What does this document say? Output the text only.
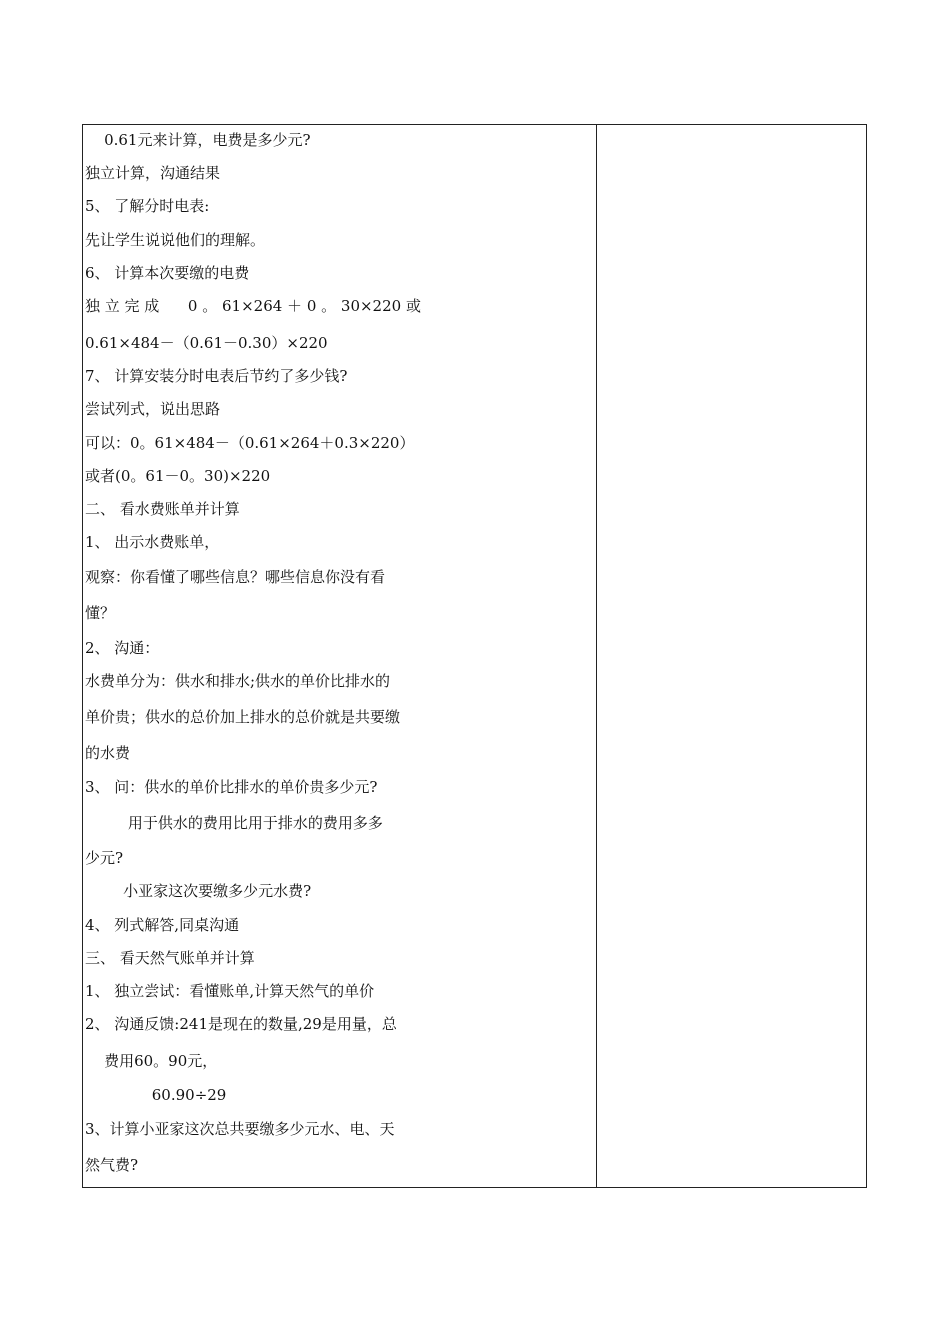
0.61元来计算，电费是多少元?
独立计算，沟通结果
5、 了解分时电表:
先让学生说说他们的理解。
6、 计算本次要缴的电费
独 立 完 成      0 。 61×264 ＋ 0 。 30×220 或
0.61×484－（0.61－0.30）×220
7、 计算安装分时电表后节约了多少钱?
尝试列式，说出思路
可以：0。61×484－（0.61×264＋0.3×220）
或者(0。61－0。30)×220
二、 看水费账单并计算
1、 出示水费账单，
观察：你看懂了哪些信息？哪些信息你没有看
懂？
2、 沟通：
水费单分为：供水和排水;供水的单价比排水的
单价贵；供水的总价加上排水的总价就是共要缴
的水费
3、 问：供水的单价比排水的单价贵多少元?
用于供水的费用比用于排水的费用多多
少元?
小亚家这次要缴多少元水费?
4、 列式解答,同桌沟通
三、 看天然气账单并计算
1、 独立尝试：看懂账单,计算天然气的单价
2、 沟通反馈:241是现在的数量,29是用量，总
费用60。90元，
60.90÷29
3、计算小亚家这次总共要缴多少元水、电、天
然气费?
